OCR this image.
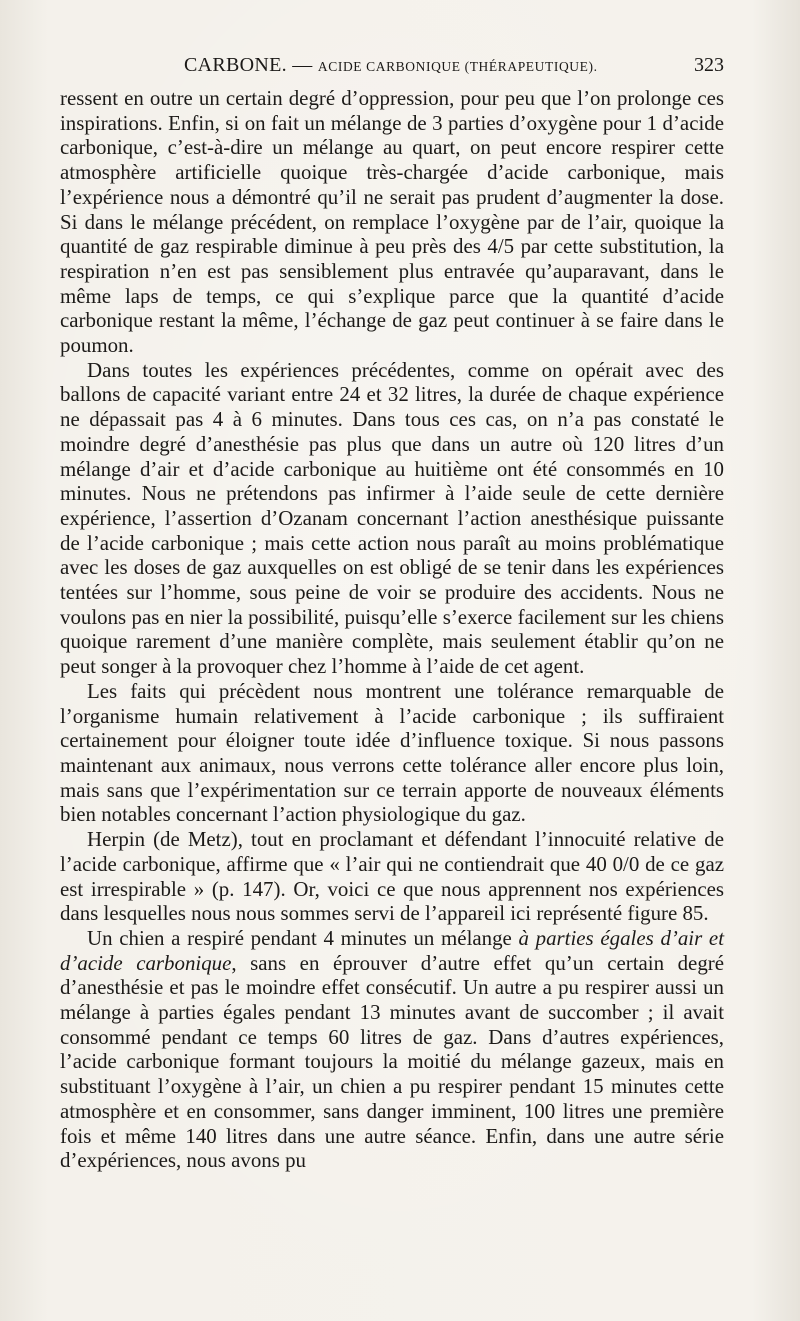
CARBONE. — ACIDE CARBONIQUE (THÉRAPEUTIQUE).	323

ressent en outre un certain degré d’oppression, pour peu que l’on prolonge ces inspirations. Enfin, si on fait un mélange de 3 parties d’oxygène pour 1 d’acide carbonique, c’est-à-dire un mélange au quart, on peut encore respirer cette atmosphère artificielle quoique très-chargée d’acide carbonique, mais l’expérience nous a démontré qu’il ne serait pas prudent d’augmenter la dose. Si dans le mélange précédent, on remplace l’oxygène par de l’air, quoique la quantité de gaz respirable diminue à peu près des 4/5 par cette substitution, la respiration n’en est pas sensiblement plus entravée qu’auparavant, dans le même laps de temps, ce qui s’explique parce que la quantité d’acide carbonique restant la même, l’échange de gaz peut continuer à se faire dans le poumon.

Dans toutes les expériences précédentes, comme on opérait avec des ballons de capacité variant entre 24 et 32 litres, la durée de chaque expérience ne dépassait pas 4 à 6 minutes. Dans tous ces cas, on n’a pas constaté le moindre degré d’anesthésie pas plus que dans un autre où 120 litres d’un mélange d’air et d’acide carbonique au huitième ont été consommés en 10 minutes. Nous ne prétendons pas infirmer à l’aide seule de cette dernière expérience, l’assertion d’Ozanam concernant l’action anesthésique puissante de l’acide carbonique ; mais cette action nous paraît au moins problématique avec les doses de gaz auxquelles on est obligé de se tenir dans les expériences tentées sur l’homme, sous peine de voir se produire des accidents. Nous ne voulons pas en nier la possibilité, puisqu’elle s’exerce facilement sur les chiens quoique rarement d’une manière complète, mais seulement établir qu’on ne peut songer à la provoquer chez l’homme à l’aide de cet agent.

Les faits qui précèdent nous montrent une tolérance remarquable de l’organisme humain relativement à l’acide carbonique ; ils suffiraient certainement pour éloigner toute idée d’influence toxique. Si nous passons maintenant aux animaux, nous verrons cette tolérance aller encore plus loin, mais sans que l’expérimentation sur ce terrain apporte de nouveaux éléments bien notables concernant l’action physiologique du gaz.

Herpin (de Metz), tout en proclamant et défendant l’innocuité relative de l’acide carbonique, affirme que « l’air qui ne contiendrait que 40 0/0 de ce gaz est irrespirable » (p. 147). Or, voici ce que nous apprennent nos expériences dans lesquelles nous nous sommes servi de l’appareil ici représenté figure 85.

Un chien a respiré pendant 4 minutes un mélange à parties égales d’air et d’acide carbonique, sans en éprouver d’autre effet qu’un certain degré d’anesthésie et pas le moindre effet consécutif. Un autre a pu respirer aussi un mélange à parties égales pendant 13 minutes avant de succomber ; il avait consommé pendant ce temps 60 litres de gaz. Dans d’autres expériences, l’acide carbonique formant toujours la moitié du mélange gazeux, mais en substituant l’oxygène à l’air, un chien a pu respirer pendant 15 minutes cette atmosphère et en consommer, sans danger imminent, 100 litres une première fois et même 140 litres dans une autre séance. Enfin, dans une autre série d’expériences, nous avons pu
